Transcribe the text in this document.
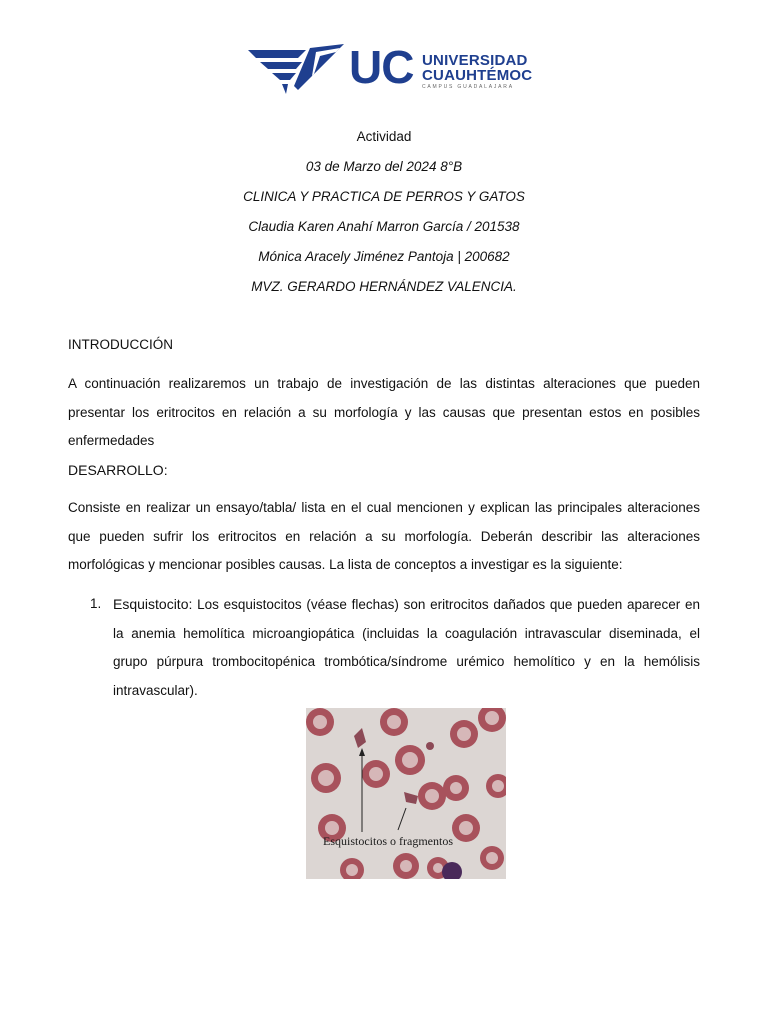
UC UNIVERSIDAD
CUAUHTÉMOC
CAMPUS GUADALAJARA
Actividad
03 de Marzo del 2024 8°B
CLINICA Y PRACTICA DE PERROS Y GATOS
Claudia Karen Anahí Marron García / 201538
Mónica Aracely Jiménez Pantoja | 200682
MVZ. GERARDO HERNÁNDEZ VALENCIA.
INTRODUCCIÓN

A continuación realizaremos un trabajo de investigación de las distintas alteraciones que pueden presentar los eritrocitos en relación a su morfología y las causas que presentan estos en posibles enfermedades

DESARROLLO:

Consiste en realizar un ensayo/tabla/ lista en el cual mencionen y explican las principales alteraciones que pueden sufrir los eritrocitos en relación a su morfología. Deberán describir las alteraciones morfológicas y mencionar posibles causas. La lista de conceptos a investigar es la siguiente:

1. Esquistocito: Los esquistocitos (véase flechas) son eritrocitos dañados que pueden aparecer en la anemia hemolítica microangiopática (incluidas la coagulación intravascular diseminada, el grupo púrpura trombocitopénica trombótica/síndrome urémico hemolítico y en la hemólisis intravascular).

Esquistocitos o fragmentos
